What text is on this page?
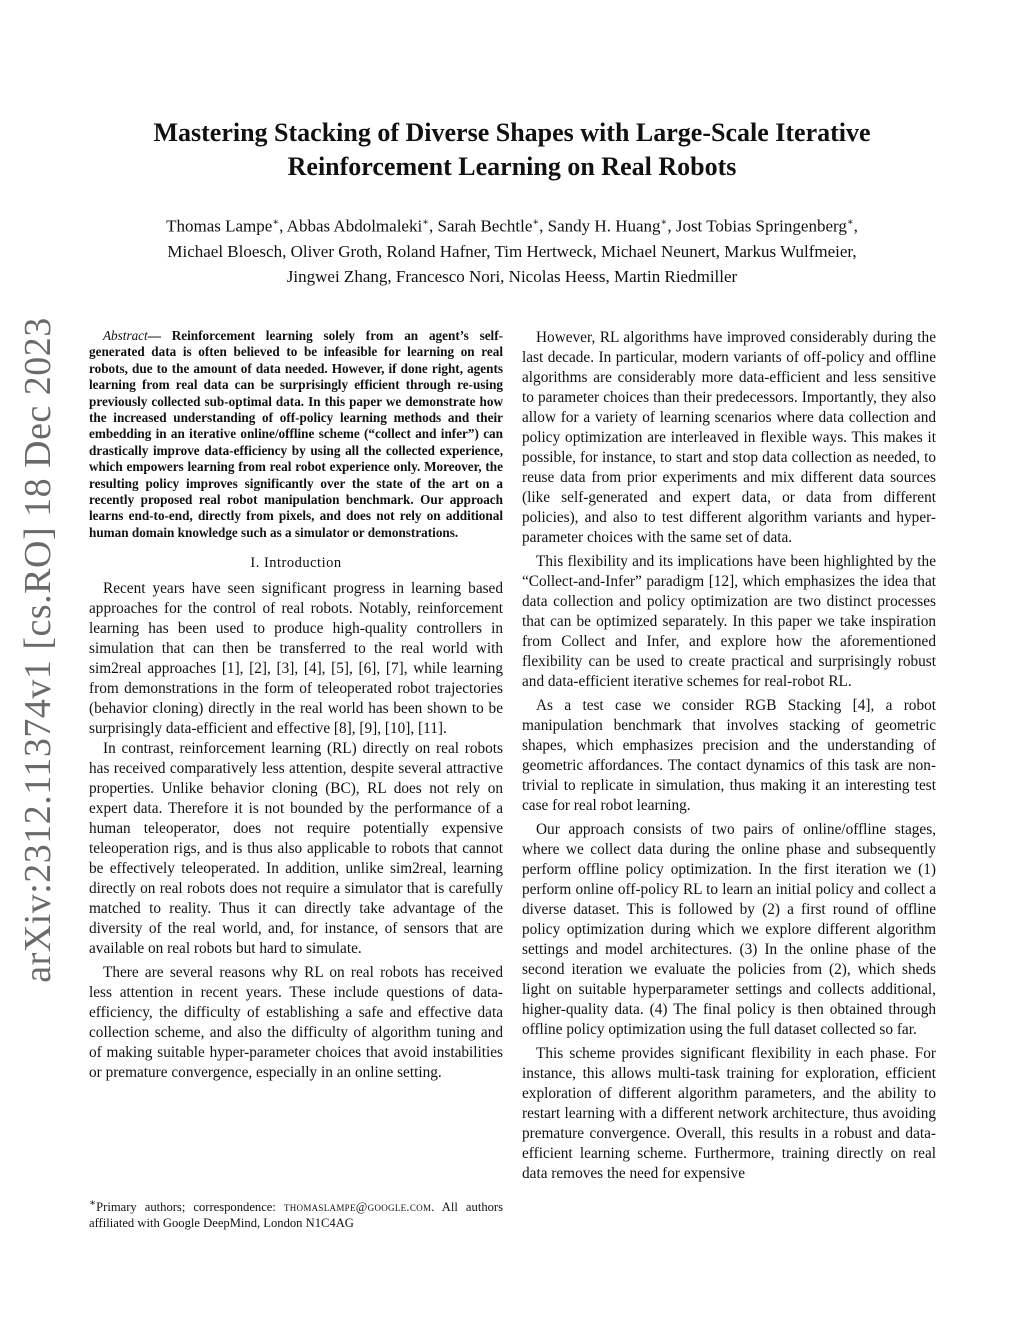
arXiv:2312.11374v1 [cs.RO] 18 Dec 2023
Mastering Stacking of Diverse Shapes with Large-Scale Iterative
Reinforcement Learning on Real Robots
Thomas Lampe∗, Abbas Abdolmaleki∗, Sarah Bechtle∗, Sandy H. Huang∗, Jost Tobias Springenberg∗,
Michael Bloesch, Oliver Groth, Roland Hafner, Tim Hertweck, Michael Neunert, Markus Wulfmeier,
Jingwei Zhang, Francesco Nori, Nicolas Heess, Martin Riedmiller

Abstract— Reinforcement learning solely from an agent’s self-generated data is often believed to be infeasible for learning on real robots, due to the amount of data needed. However, if done right, agents learning from real data can be surprisingly efficient through re-using previously collected sub-optimal data. In this paper we demonstrate how the increased understanding of off-policy learning methods and their embedding in an iterative online/offline scheme (“collect and infer”) can drastically improve data-efficiency by using all the collected experience, which empowers learning from real robot experience only. Moreover, the resulting policy improves significantly over the state of the art on a recently proposed real robot manipulation benchmark. Our approach learns end-to-end, directly from pixels, and does not rely on additional human domain knowledge such as a simulator or demonstrations.

I. Introduction

Recent years have seen significant progress in learning based approaches for the control of real robots. Notably, reinforcement learning has been used to produce high-quality controllers in simulation that can then be transferred to the real world with sim2real approaches [1], [2], [3], [4], [5], [6], [7], while learning from demonstrations in the form of teleoperated robot trajectories (behavior cloning) directly in the real world has been shown to be surprisingly data-efficient and effective [8], [9], [10], [11].

In contrast, reinforcement learning (RL) directly on real robots has received comparatively less attention, despite several attractive properties. Unlike behavior cloning (BC), RL does not rely on expert data. Therefore it is not bounded by the performance of a human teleoperator, does not require potentially expensive teleoperation rigs, and is thus also applicable to robots that cannot be effectively teleoperated. In addition, unlike sim2real, learning directly on real robots does not require a simulator that is carefully matched to reality. Thus it can directly take advantage of the diversity of the real world, and, for instance, of sensors that are available on real robots but hard to simulate.

There are several reasons why RL on real robots has received less attention in recent years. These include questions of data-efficiency, the difficulty of establishing a safe and effective data collection scheme, and also the difficulty of algorithm tuning and of making suitable hyper-parameter choices that avoid instabilities or premature convergence, especially in an online setting.

∗Primary authors; correspondence: thomaslampe@google.com. All authors affiliated with Google DeepMind, London N1C4AG

However, RL algorithms have improved considerably during the last decade. In particular, modern variants of off-policy and offline algorithms are considerably more data-efficient and less sensitive to parameter choices than their predecessors. Importantly, they also allow for a variety of learning scenarios where data collection and policy optimization are interleaved in flexible ways. This makes it possible, for instance, to start and stop data collection as needed, to reuse data from prior experiments and mix different data sources (like self-generated and expert data, or data from different policies), and also to test different algorithm variants and hyper-parameter choices with the same set of data.

This flexibility and its implications have been highlighted by the “Collect-and-Infer” paradigm [12], which emphasizes the idea that data collection and policy optimization are two distinct processes that can be optimized separately. In this paper we take inspiration from Collect and Infer, and explore how the aforementioned flexibility can be used to create practical and surprisingly robust and data-efficient iterative schemes for real-robot RL.

As a test case we consider RGB Stacking [4], a robot manipulation benchmark that involves stacking of geometric shapes, which emphasizes precision and the understanding of geometric affordances. The contact dynamics of this task are non-trivial to replicate in simulation, thus making it an interesting test case for real robot learning.

Our approach consists of two pairs of online/offline stages, where we collect data during the online phase and subsequently perform offline policy optimization. In the first iteration we (1) perform online off-policy RL to learn an initial policy and collect a diverse dataset. This is followed by (2) a first round of offline policy optimization during which we explore different algorithm settings and model architectures. (3) In the online phase of the second iteration we evaluate the policies from (2), which sheds light on suitable hyperparameter settings and collects additional, higher-quality data. (4) The final policy is then obtained through offline policy optimization using the full dataset collected so far.

This scheme provides significant flexibility in each phase. For instance, this allows multi-task training for exploration, efficient exploration of different algorithm parameters, and the ability to restart learning with a different network architecture, thus avoiding premature convergence. Overall, this results in a robust and data-efficient learning scheme. Furthermore, training directly on real data removes the need for expensive
